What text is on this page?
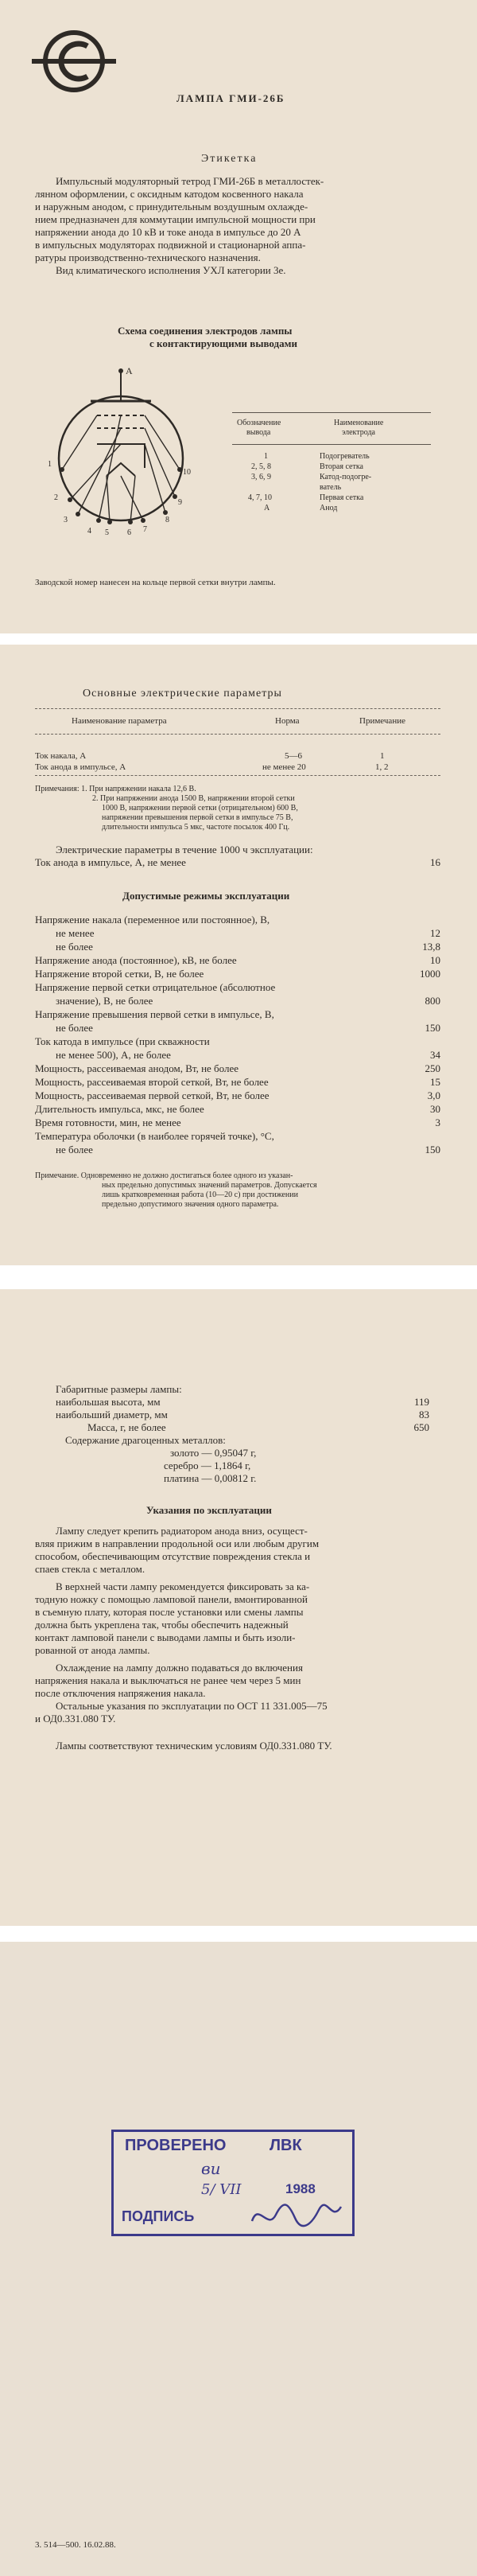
ЛАМПА ГМИ-26Б
Этикетка
Импульсный модуляторный тетрод ГМИ-26Б в металлостек-
лянном оформлении, с оксидным катодом косвенного накала
и наружным анодом, с принудительным воздушным охлажде-
нием предназначен для коммутации импульсной мощности при
напряжении анода до 10 кВ и токе анода в импульсе до 20 А
в импульсных модуляторах подвижной и стационарной аппа-
ратуры производственно-технического назначения.
Вид климатического исполнения УХЛ категории 3е.
Схема соединения электродов лампы
с контактирующими выводами
А
1
2
3
4 5 6 7
8
9
10
Обозначение
вывода
Наименование
электрода
1	Подогреватель
2, 5, 8	Вторая сетка
3, 6, 9	Катод-подогре-
ватель
4, 7, 10	Первая сетка
А	Анод
Заводской номер нанесен на кольце первой сетки внутри лампы.
Основные электрические параметры
Наименование параметра	Норма	Примечание
Ток накала, А	5—6	1
Ток анода в импульсе, А	не менее 20	1, 2
Примечания: 1. При напряжении накала 12,6 В.
2. При напряжении анода 1500 В, напряжении второй сетки
1000 В, напряжении первой сетки (отрицательном) 600 В,
напряжении превышения первой сетки в импульсе 75 В,
длительности импульса 5 мкс, частоте посылок 400 Гц.
Электрические параметры в течение 1000 ч эксплуатации:
Ток анода в импульсе, А, не менее	16
Допустимые режимы эксплуатации
Напряжение накала (переменное или постоянное), В,
не менее	12
не более	13,8
Напряжение анода (постоянное), кВ, не более	10
Напряжение второй сетки, В, не более	1000
Напряжение первой сетки отрицательное (абсолютное
значение), В, не более	800
Напряжение превышения первой сетки в импульсе, В,
не более	150
Ток катода в импульсе (при скважности
не менее 500), А, не более	34
Мощность, рассеиваемая анодом, Вт, не более	250
Мощность, рассеиваемая второй сеткой, Вт, не более	15
Мощность, рассеиваемая первой сеткой, Вт, не более	3,0
Длительность импульса, мкс, не более	30
Время готовности, мин, не менее	3
Температура оболочки (в наиболее горячей точке), °С,
не более	150
Примечание. Одновременно не должно достигаться более одного из указан-
ных предельно допустимых значений параметров. Допускается
лишь кратковременная работа (10—20 с) при достижении
предельно допустимого значения одного параметра.
Габаритные размеры лампы:
наибольшая высота, мм	119
наибольший диаметр, мм	83
Масса, г, не более	650
Содержание драгоценных металлов:
золото — 0,95047 г,
серебро — 1,1864 г,
платина — 0,00812 г.
Указания по эксплуатации
Лампу следует крепить радиатором анода вниз, осущест-
вляя прижим в направлении продольной оси или любым другим
способом, обеспечивающим отсутствие повреждения стекла и
спаев стекла с металлом.
В верхней части лампу рекомендуется фиксировать за ка-
тодную ножку с помощью ламповой панели, вмонтированной
в съемную плату, которая после установки или смены лампы
должна быть укреплена так, чтобы обеспечить надежный
контакт ламповой панели с выводами лампы и быть изоли-
рованной от анода лампы.
Охлаждение на лампу должно подаваться до включения
напряжения накала и выключаться не ранее чем через 5 мин
после отключения напряжения накала.
Остальные указания по эксплуатации по ОСТ 11 331.005—75
и ОД0.331.080 ТУ.
Лампы соответствуют техническим условиям ОД0.331.080 ТУ.
ПРОВЕРЕНО	ЛВК
ви
5/ VII	1988
ПОДПИСЬ
3. 514—500. 16.02.88.
